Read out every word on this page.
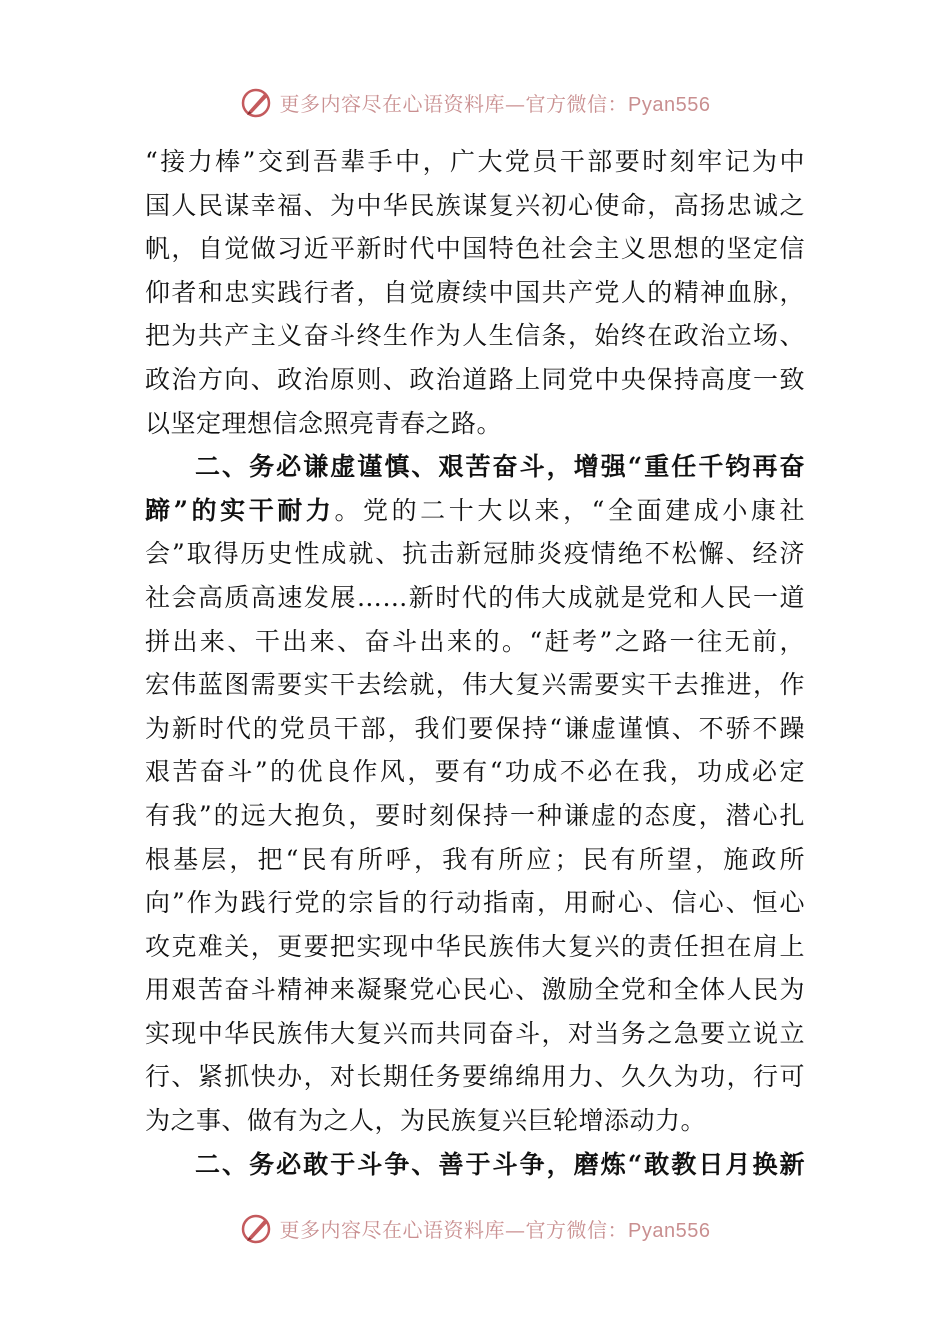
更多内容尽在心语资料库—官方微信：Pyan556
“接力棒”交到吾辈手中，广大党员干部要时刻牢记为中
国人民谋幸福、为中华民族谋复兴初心使命，高扬忠诚之
帆，自觉做习近平新时代中国特色社会主义思想的坚定信
仰者和忠实践行者，自觉赓续中国共产党人的精神血脉，
把为共产主义奋斗终生作为人生信条，始终在政治立场、
政治方向、政治原则、政治道路上同党中央保持高度一致
以坚定理想信念照亮青春之路。
二、务必谦虚谨慎、艰苦奋斗，增强“重任千钧再奋
蹄”的实干耐力。党的二十大以来，“全面建成小康社
会”取得历史性成就、抗击新冠肺炎疫情绝不松懈、经济
社会高质高速发展……新时代的伟大成就是党和人民一道
拼出来、干出来、奋斗出来的。“赶考”之路一往无前，
宏伟蓝图需要实干去绘就，伟大复兴需要实干去推进，作
为新时代的党员干部，我们要保持“谦虚谨慎、不骄不躁
艰苦奋斗”的优良作风，要有“功成不必在我，功成必定
有我”的远大抱负，要时刻保持一种谦虚的态度，潜心扎
根基层，把“民有所呼，我有所应；民有所望，施政所
向”作为践行党的宗旨的行动指南，用耐心、信心、恒心
攻克难关，更要把实现中华民族伟大复兴的责任担在肩上
用艰苦奋斗精神来凝聚党心民心、激励全党和全体人民为
实现中华民族伟大复兴而共同奋斗，对当务之急要立说立
行、紧抓快办，对长期任务要绵绵用力、久久为功，行可
为之事、做有为之人，为民族复兴巨轮增添动力。
二、务必敢于斗争、善于斗争，磨炼“敢教日月换新
更多内容尽在心语资料库—官方微信：Pyan556
